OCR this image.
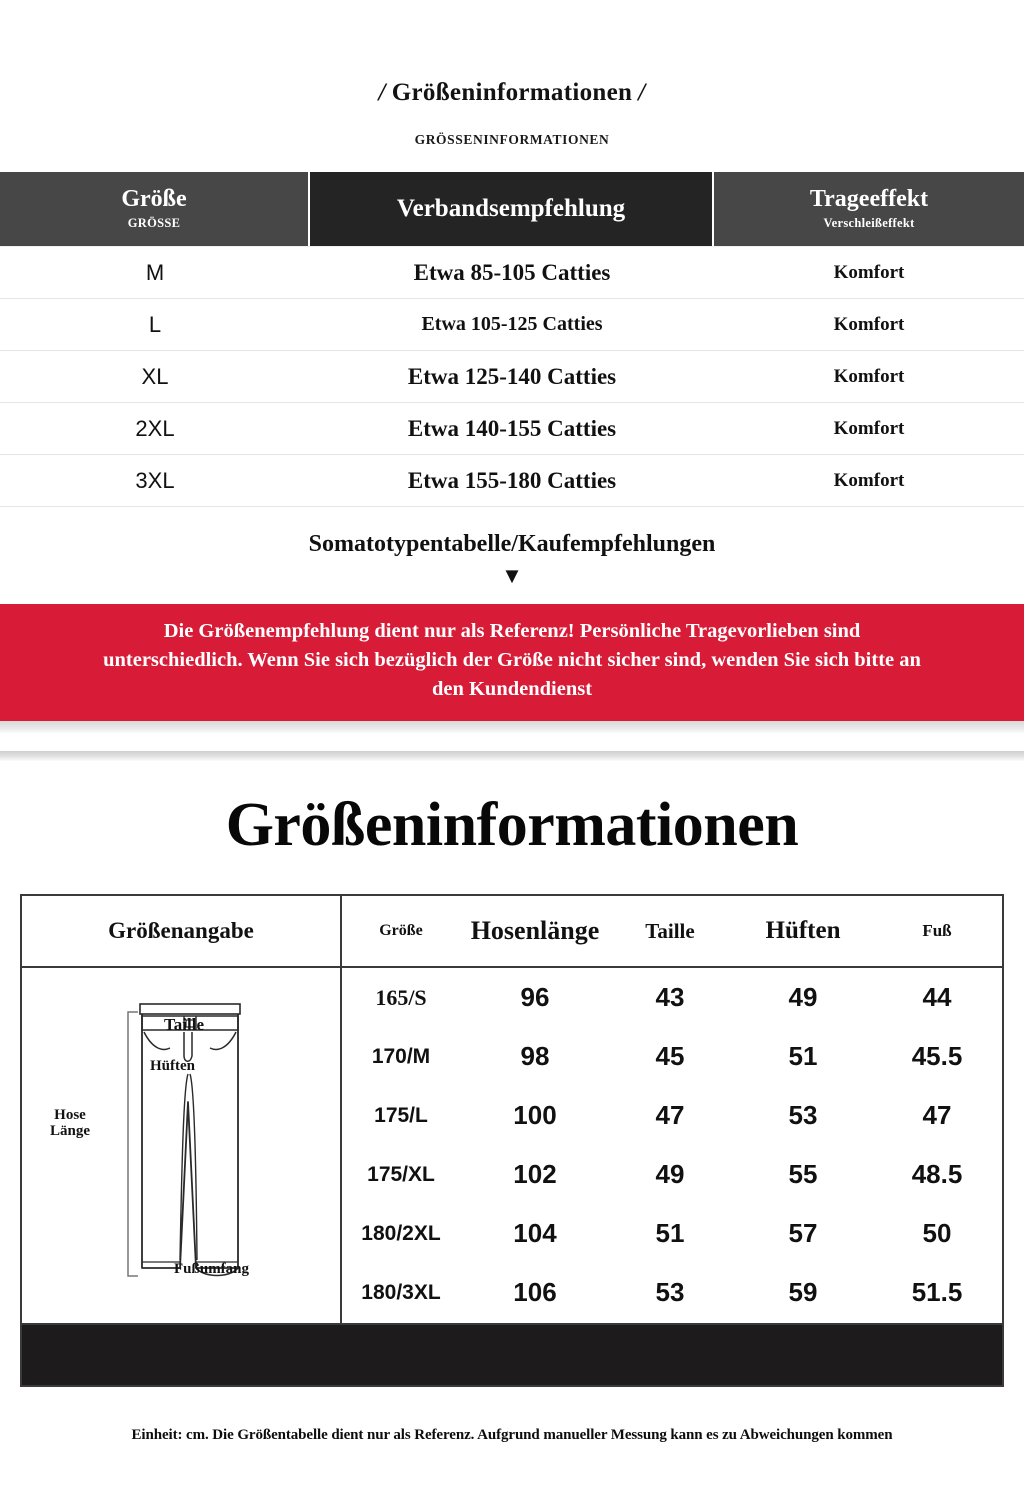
/ Größeninformationen /
GRÖSSENINFORMATIONEN
Größe
GRÖSSE
Verbandsempfehlung	Trageeffekt
Verschleißeffekt
M	Etwa 85-105 Catties	Komfort
L	Etwa 105-125 Catties	Komfort
XL	Etwa 125-140 Catties	Komfort
2XL	Etwa 140-155 Catties	Komfort
3XL	Etwa 155-180 Catties	Komfort
Somatotypentabelle/Kaufempfehlungen
▼
Die Größenempfehlung dient nur als Referenz! Persönliche Tragevorlieben sind unterschiedlich. Wenn Sie sich bezüglich der Größe nicht sicher sind, wenden Sie sich bitte an den Kundendienst
Größeninformationen
Größenangabe	Größe	Hosenlänge	Taille	Hüften	Fuß
Taille
Hüften
Hose
Länge
Fußumfang
165/S	96	43	49	44
170/M	98	45	51	45.5
175/L	100	47	53	47
175/XL	102	49	55	48.5
180/2XL	104	51	57	50
180/3XL	106	53	59	51.5
Einheit: cm. Die Größentabelle dient nur als Referenz. Aufgrund manueller Messung kann es zu Abweichungen kommen
